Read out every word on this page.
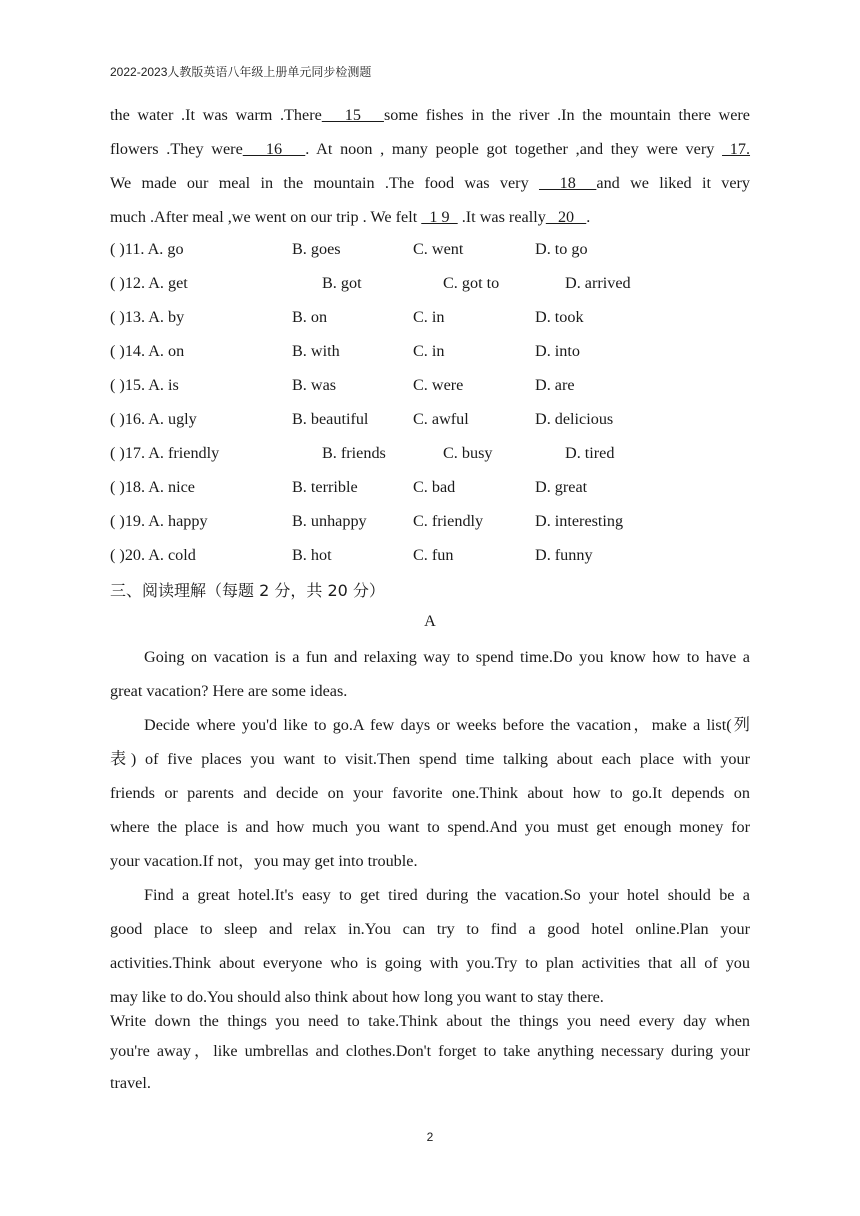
2022-2023人教版英语八年级上册单元同步检测题
the water .It was warm .There   15   some fishes in the river .In the mountain there were
flowers .They were   16   . At noon , many people got together ,and they were very  17.
We made our meal in the mountain .The food was very   18  and we liked it very
much .After meal ,we went on our trip . We felt   1 9   .It was really   20   .
( )11. A. go	B. goes	C. went	D. to go
( )12. A. get	B. got	C. got to	D. arrived
( )13. A. by	B. on	C. in	D. took
( )14. A. on	B. with	C. in	D. into
( )15. A. is	B. was	C. were	D. are
( )16. A. ugly	B. beautiful	C. awful	D. delicious
( )17. A. friendly	B. friends	C. busy	D. tired
( )18. A. nice	B. terrible	C. bad	D. great
( )19. A. happy	B. unhappy	C. friendly	D. interesting
( )20. A. cold	B. hot	C. fun	D. funny
三、阅读理解（每题 2 分，共 20 分）
A
Going on vacation is a fun and relaxing way to spend time.Do you know how to have a
great vacation? Here are some ideas.
Decide where you'd like to go.A few days or weeks before the vacation，make a list(列
表) of five places you want to visit.Then spend time talking about each place with your
friends or parents and decide on your favorite one.Think about how to go.It depends on
where the place is and how much you want to spend.And you must get enough money for
your vacation.If not，you may get into trouble.
Find a great hotel.It's easy to get tired during the vacation.So your hotel should be a
good place to sleep and relax in.You can try to find a good hotel online.Plan your
activities.Think about everyone who is going with you.Try to plan activities that all of you
may like to do.You should also think about how long you want to stay there.
Write down the things you need to take.Think about the things you need every day when
you're away，like umbrellas and clothes.Don't forget to take anything necessary during your
travel.
2
